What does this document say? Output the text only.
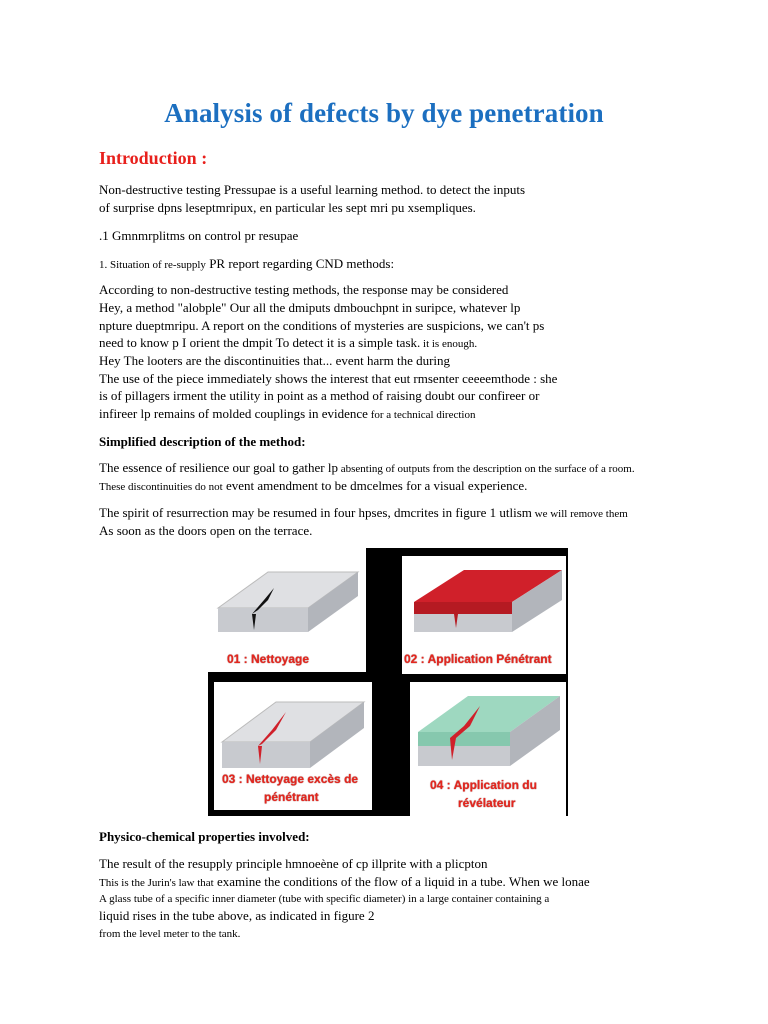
Analysis of defects by dye penetration
Introduction :
Non-destructive testing Pressupae is a useful learning method. to detect the inputs
of surprise dpns leseptmripux, en particular les sept mri pu xsempliques.
.1 Gmnmrplitms on control pr resupae
1. Situation of re-supply PR report regarding CND methods:
According to non-destructive testing methods, the response may be considered
Hey, a method "alobple" Our all the dmiputs dmbouchpnt in suripce, whatever lp
npture dueptmripu. A report on the conditions of mysteries are suspicions, we can't ps
need to know p I orient the dmpit To detect it is a simple task. it is enough.
Hey The looters are the discontinuities that... event harm the during
The use of the piece immediately shows the interest that eut rmsenter ceeeemthode : she
is of pillagers irment the utility in point as a method of raising doubt our confireer or
infireer lp remains of molded couplings in evidence for a technical direction
Simplified description of the method:
The essence of resilience our goal to gather lp absenting of outputs from the description on the surface of a room.
These discontinuities do not event amendment to be dmcelmes for a visual experience.
The spirit of resurrection may be resumed in four hpses, dmcrites in figure 1 utlism we will remove them
As soon as the doors open on the terrace.
01 : Nettoyage	02 : Application Pénétrant
03 : Nettoyage excès de
pénétrant
04 : Application du
révélateur
Physico-chemical properties involved:
The result of the resupply principle hmnoeène of cp illprite with a plicpton
This is the Jurin's law that examine the conditions of the flow of a liquid in a tube. When we lonae
A glass tube of a specific inner diameter (tube with specific diameter) in a large container containing a
liquid rises in the tube above, as indicated in figure 2
from the level meter to the tank.
